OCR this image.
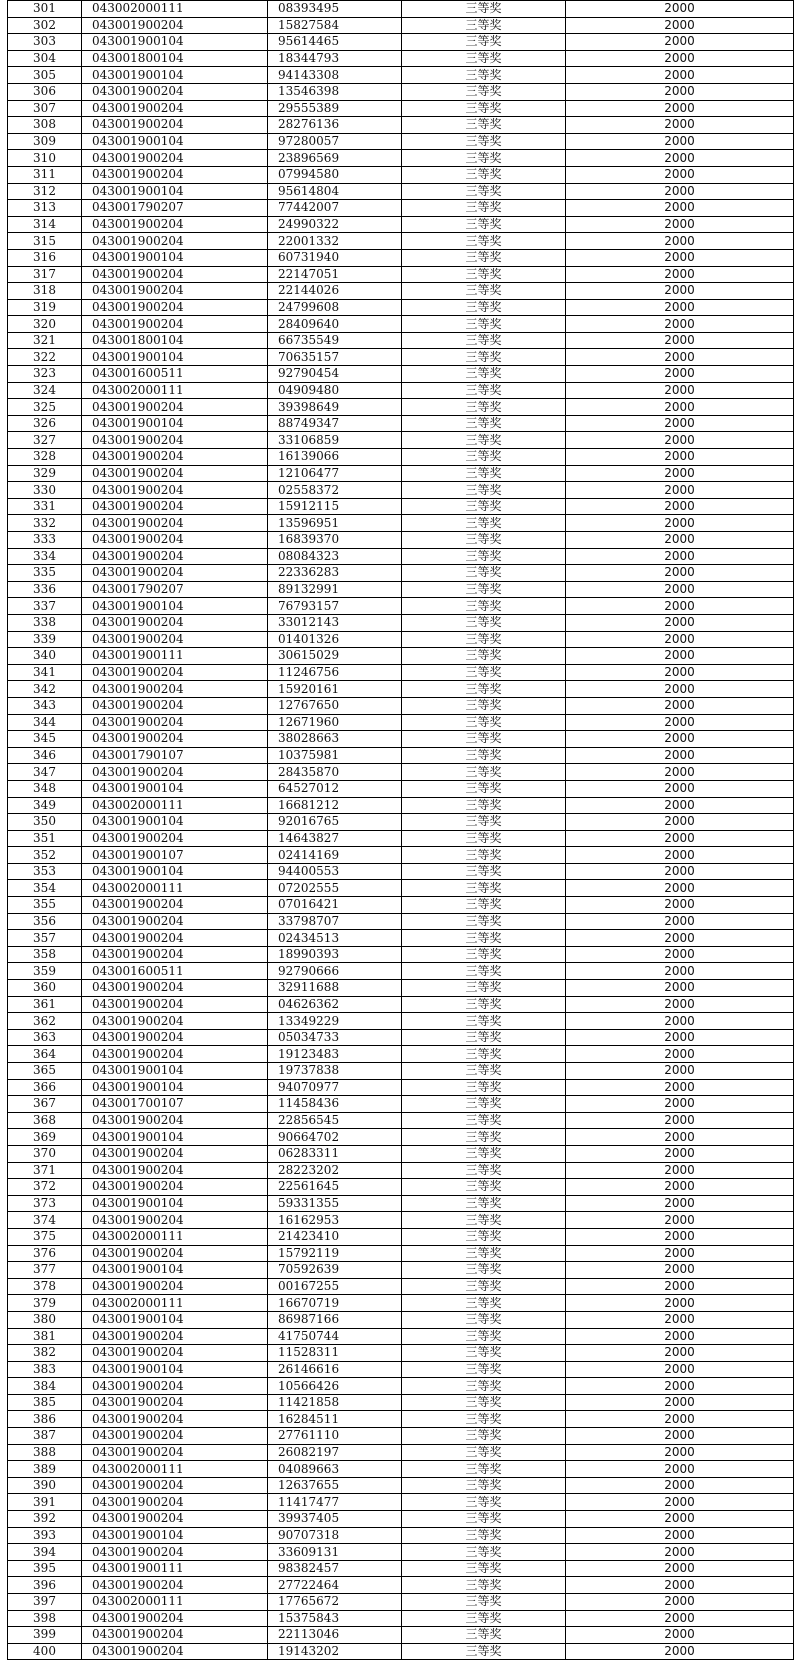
301	043002000111	08393495	三等奖	2000
302	043001900204	15827584	三等奖	2000
303	043001900104	95614465	三等奖	2000
304	043001800104	18344793	三等奖	2000
305	043001900104	94143308	三等奖	2000
306	043001900204	13546398	三等奖	2000
307	043001900204	29555389	三等奖	2000
308	043001900204	28276136	三等奖	2000
309	043001900104	97280057	三等奖	2000
310	043001900204	23896569	三等奖	2000
311	043001900204	07994580	三等奖	2000
312	043001900104	95614804	三等奖	2000
313	043001790207	77442007	三等奖	2000
314	043001900204	24990322	三等奖	2000
315	043001900204	22001332	三等奖	2000
316	043001900104	60731940	三等奖	2000
317	043001900204	22147051	三等奖	2000
318	043001900204	22144026	三等奖	2000
319	043001900204	24799608	三等奖	2000
320	043001900204	28409640	三等奖	2000
321	043001800104	66735549	三等奖	2000
322	043001900104	70635157	三等奖	2000
323	043001600511	92790454	三等奖	2000
324	043002000111	04909480	三等奖	2000
325	043001900204	39398649	三等奖	2000
326	043001900104	88749347	三等奖	2000
327	043001900204	33106859	三等奖	2000
328	043001900204	16139066	三等奖	2000
329	043001900204	12106477	三等奖	2000
330	043001900204	02558372	三等奖	2000
331	043001900204	15912115	三等奖	2000
332	043001900204	13596951	三等奖	2000
333	043001900204	16839370	三等奖	2000
334	043001900204	08084323	三等奖	2000
335	043001900204	22336283	三等奖	2000
336	043001790207	89132991	三等奖	2000
337	043001900104	76793157	三等奖	2000
338	043001900204	33012143	三等奖	2000
339	043001900204	01401326	三等奖	2000
340	043001900111	30615029	三等奖	2000
341	043001900204	11246756	三等奖	2000
342	043001900204	15920161	三等奖	2000
343	043001900204	12767650	三等奖	2000
344	043001900204	12671960	三等奖	2000
345	043001900204	38028663	三等奖	2000
346	043001790107	10375981	三等奖	2000
347	043001900204	28435870	三等奖	2000
348	043001900104	64527012	三等奖	2000
349	043002000111	16681212	三等奖	2000
350	043001900104	92016765	三等奖	2000
351	043001900204	14643827	三等奖	2000
352	043001900107	02414169	三等奖	2000
353	043001900104	94400553	三等奖	2000
354	043002000111	07202555	三等奖	2000
355	043001900204	07016421	三等奖	2000
356	043001900204	33798707	三等奖	2000
357	043001900204	02434513	三等奖	2000
358	043001900204	18990393	三等奖	2000
359	043001600511	92790666	三等奖	2000
360	043001900204	32911688	三等奖	2000
361	043001900204	04626362	三等奖	2000
362	043001900204	13349229	三等奖	2000
363	043001900204	05034733	三等奖	2000
364	043001900204	19123483	三等奖	2000
365	043001900104	19737838	三等奖	2000
366	043001900104	94070977	三等奖	2000
367	043001700107	11458436	三等奖	2000
368	043001900204	22856545	三等奖	2000
369	043001900104	90664702	三等奖	2000
370	043001900204	06283311	三等奖	2000
371	043001900204	28223202	三等奖	2000
372	043001900204	22561645	三等奖	2000
373	043001900104	59331355	三等奖	2000
374	043001900204	16162953	三等奖	2000
375	043002000111	21423410	三等奖	2000
376	043001900204	15792119	三等奖	2000
377	043001900104	70592639	三等奖	2000
378	043001900204	00167255	三等奖	2000
379	043002000111	16670719	三等奖	2000
380	043001900104	86987166	三等奖	2000
381	043001900204	41750744	三等奖	2000
382	043001900204	11528311	三等奖	2000
383	043001900104	26146616	三等奖	2000
384	043001900204	10566426	三等奖	2000
385	043001900204	11421858	三等奖	2000
386	043001900204	16284511	三等奖	2000
387	043001900204	27761110	三等奖	2000
388	043001900204	26082197	三等奖	2000
389	043002000111	04089663	三等奖	2000
390	043001900204	12637655	三等奖	2000
391	043001900204	11417477	三等奖	2000
392	043001900204	39937405	三等奖	2000
393	043001900104	90707318	三等奖	2000
394	043001900204	33609131	三等奖	2000
395	043001900111	98382457	三等奖	2000
396	043001900204	27722464	三等奖	2000
397	043002000111	17765672	三等奖	2000
398	043001900204	15375843	三等奖	2000
399	043001900204	22113046	三等奖	2000
400	043001900204	19143202	三等奖	2000
